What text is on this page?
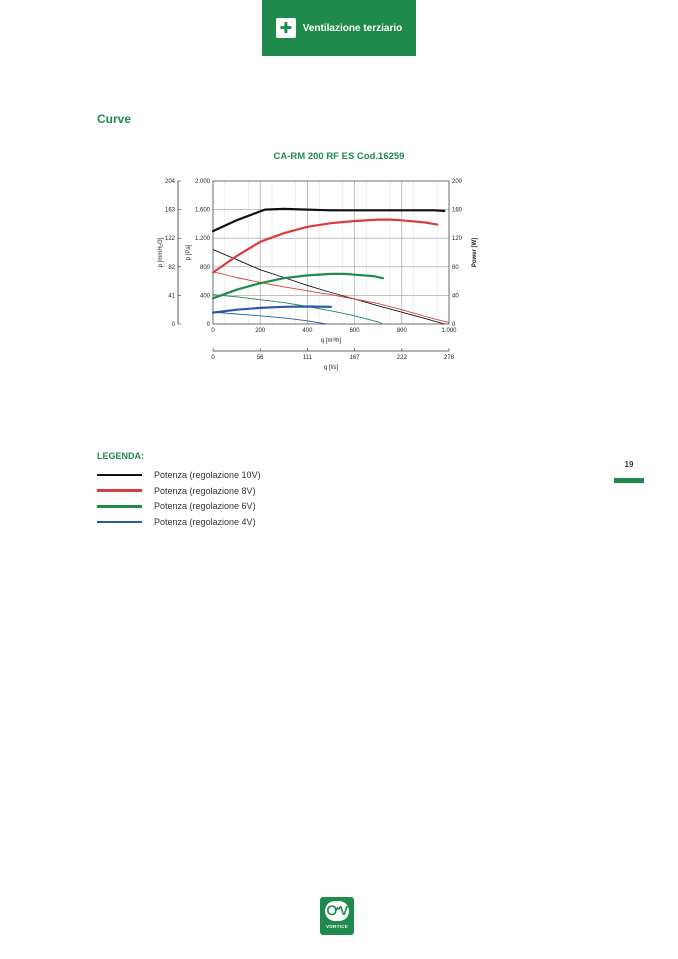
✚	Ventilazione terziario
Curve
CA-RM 200 RF ES Cod.16259
0
41
82
122
163
204
0
400
800
1.200
1.600
2.000
0
40
80
120
160
200
0	200	400	600	800	1.000
q [m³/h]
0	56	111	167	222	278
q [l/s]
p [mmH₂O]	p [Pa]	Power [W]
LEGENDA:
Potenza (regolazione 10V)
Potenza (regolazione 8V)
Potenza (regolazione 6V)
Potenza (regolazione 4V)
19
ᏅV
VORTICE
